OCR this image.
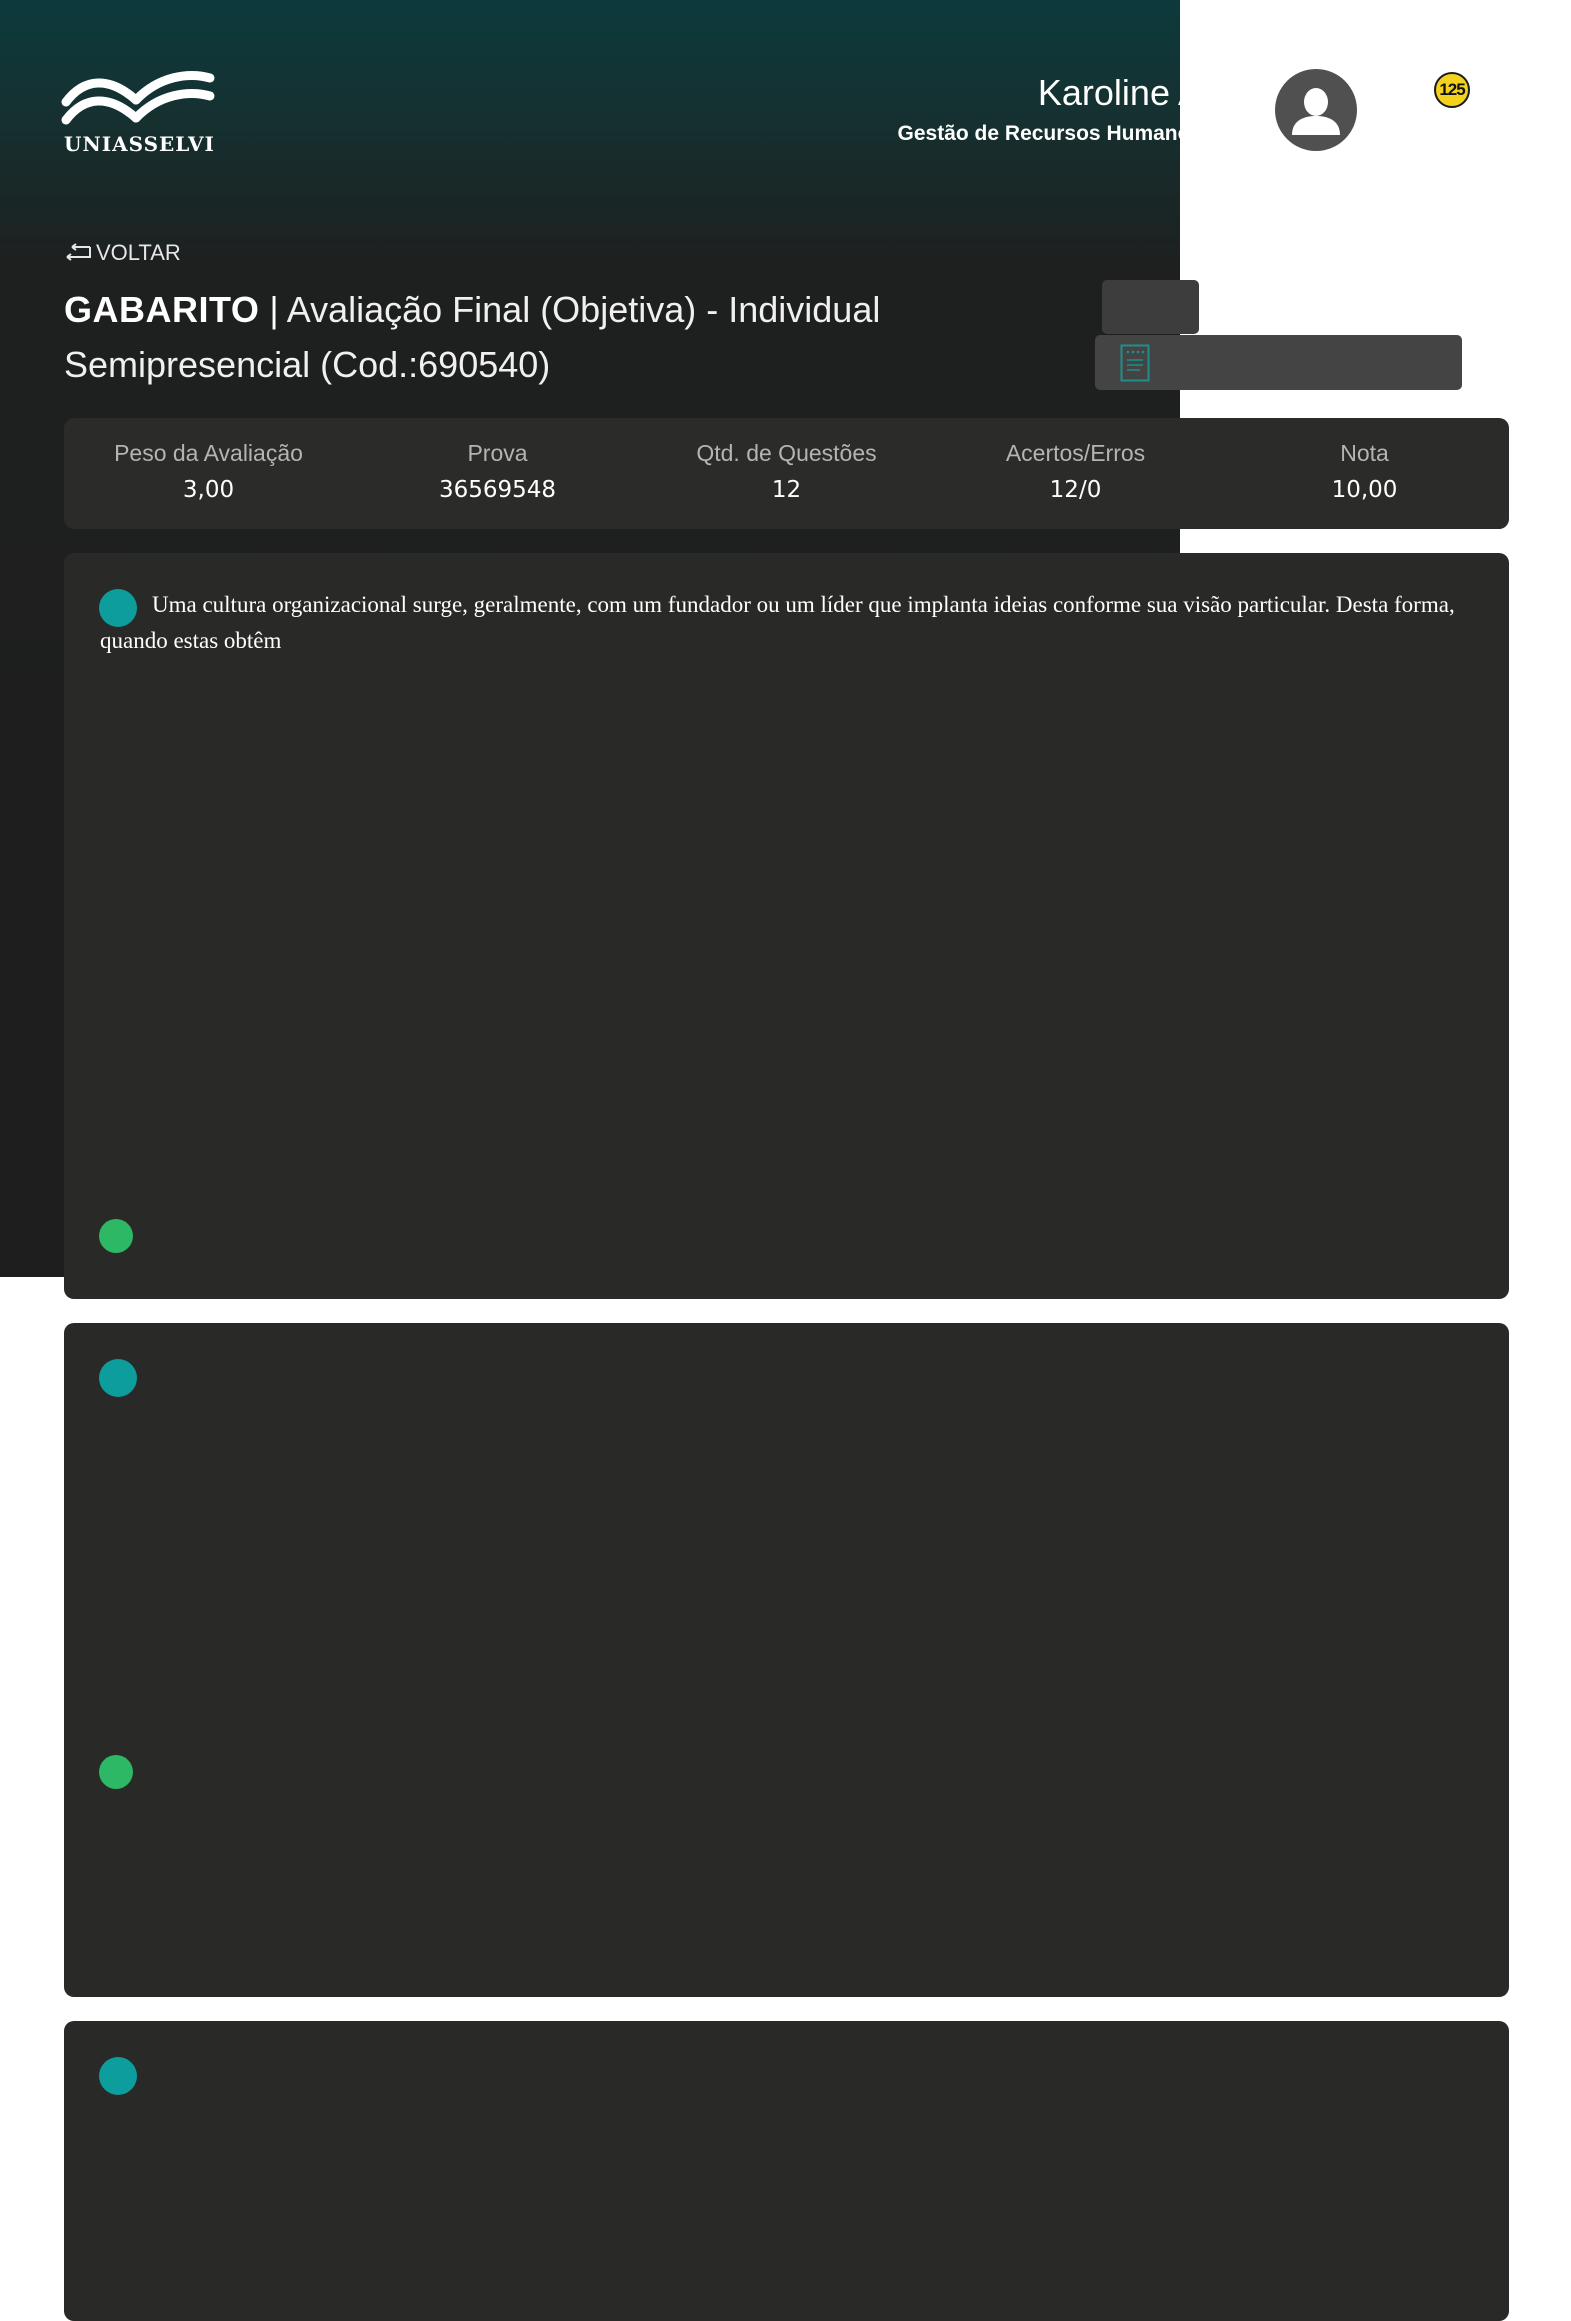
UNIASSELVI
Karoline A
Gestão de Recursos Humanos (256
125
VOLTAR
GABARITO | Avaliação Final (Objetiva) - Individual Semipresencial (Cod.:690540)
Peso da Avaliação
3,00
Prova
36569548
Qtd. de Questões
12
Acertos/Erros
12/0
Nota
10,00
Uma cultura organizacional surge, geralmente, com um fundador ou um líder que implanta ideias conforme sua visão particular. Desta forma, quando estas obtêm
